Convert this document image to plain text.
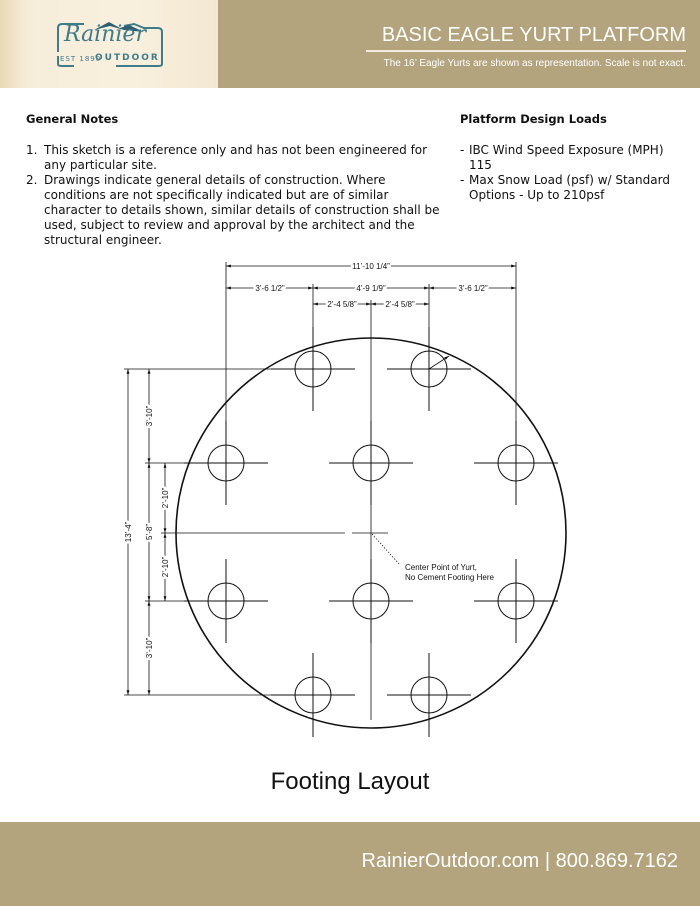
Rainier
EST 1890
OUTDOOR
BASIC EAGLE YURT PLATFORM
The 16’ Eagle Yurts are shown as representation. Scale is not exact.
General Notes
1. This sketch is a reference only and has not been engineered for any particular site.
2. Drawings indicate general details of construction. Where conditions are not specifically indicated but are of similar character to details shown, similar details of construction shall be used, subject to review and approval by the architect and the structural engineer.
Platform Design Loads
- IBC Wind Speed Exposure (MPH) 115
- Max Snow Load (psf) w/ Standard Options - Up to 210psf
11’-10 1/4”
3’-6 1/2”	4’-9 1/9”	3’-6 1/2”
2’-4 5/8”	2’-4 5/8”
13’-4”
3’-10”
5’-8”
3’-10”
2’-10”
2’-10”	Center Point of Yurt,
No Cement Footing Here
Footing Layout
RainierOutdoor.com | 800.869.7162
